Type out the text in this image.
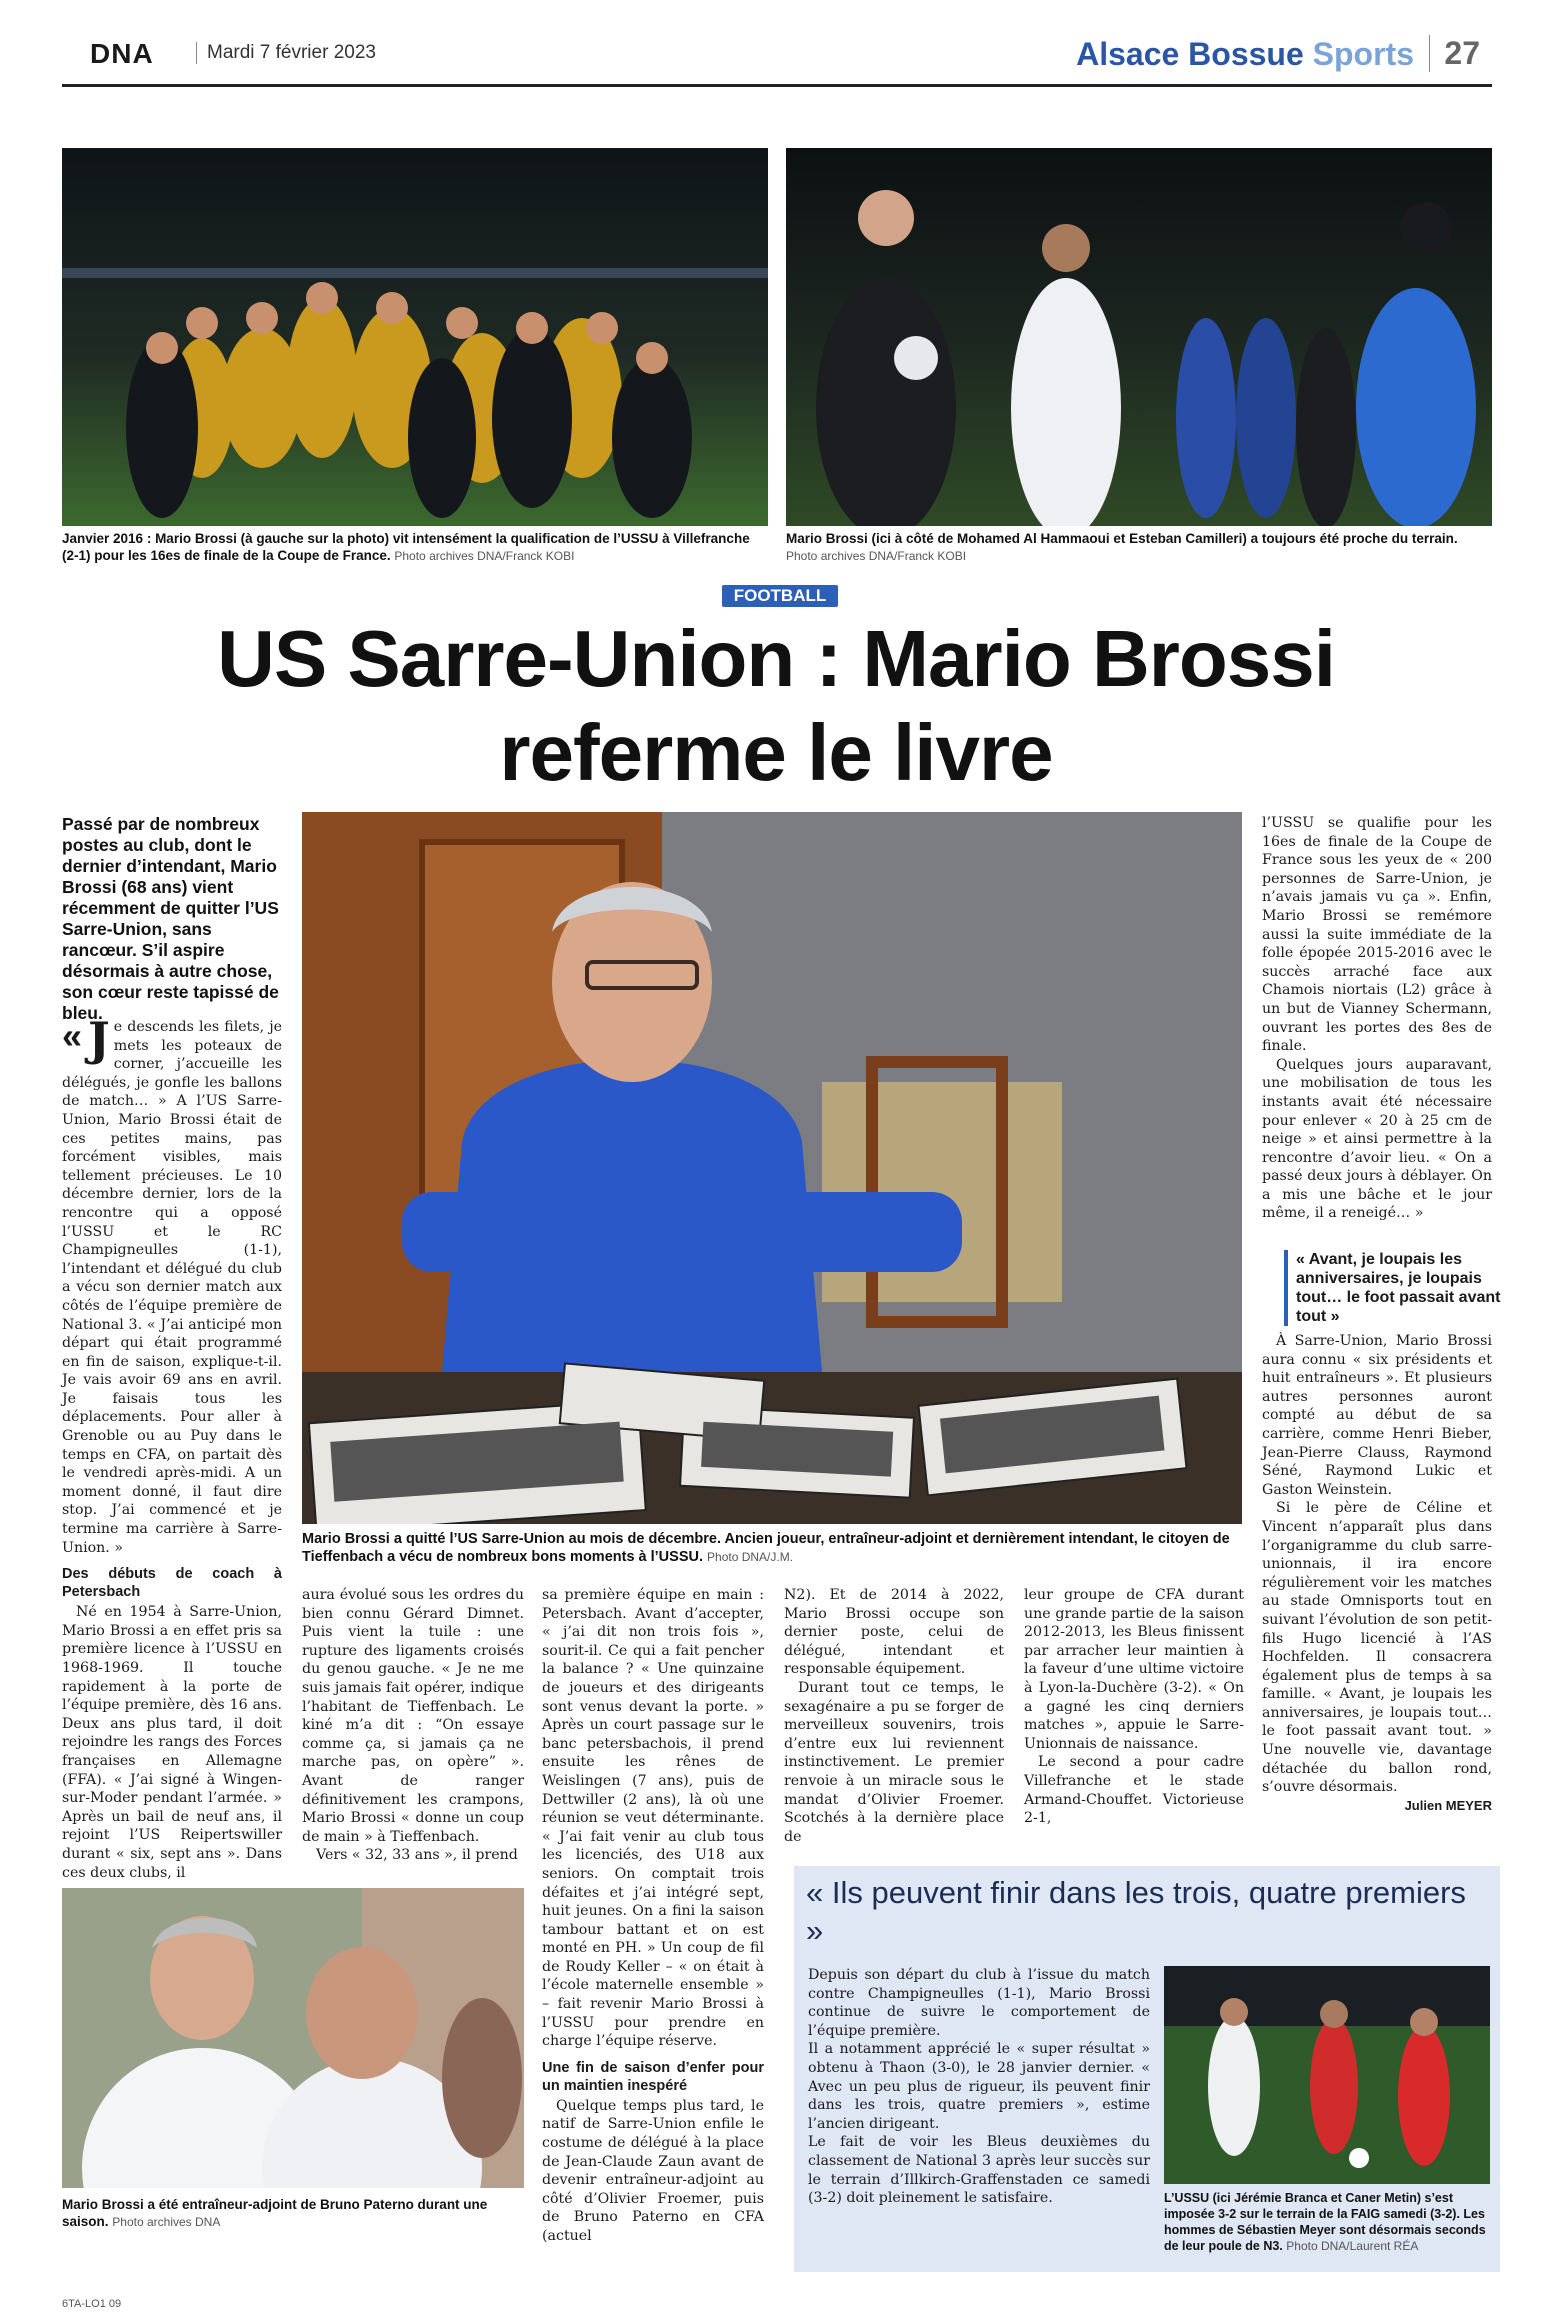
DNA	Mardi 7 février 2023	Alsace Bossue Sports 27
Janvier 2016 : Mario Brossi (à gauche sur la photo) vit intensément la qualification de l’USSU à Villefranche (2-1) pour les 16es de finale de la Coupe de France. Photo archives DNA/Franck KOBI
Mario Brossi (ici à côté de Mohamed Al Hammaoui et Esteban Camilleri) a toujours été proche du terrain. Photo archives DNA/Franck KOBI
FOOTBALL
US Sarre-Union : Mario Brossi
referme le livre
Passé par de nombreux postes au club, dont le dernier d’intendant, Mario Brossi (68 ans) vient récemment de quitter l’US Sarre-Union, sans rancœur. S’il aspire désormais à autre chose, son cœur reste tapissé de bleu.

« J e descends les filets, je mets les poteaux de corner, j’accueille les délégués, je gonfle les ballons de match… » A l’US Sarre-Union, Mario Brossi était de ces petites mains, pas forcément visibles, mais tellement précieuses. Le 10 décembre dernier, lors de la rencontre qui a opposé l’USSU et le RC Champigneulles (1-1), l’intendant et délégué du club a vécu son dernier match aux côtés de l’équipe première de National 3. « J’ai anticipé mon départ qui était programmé en fin de saison, explique-t-il. Je vais avoir 69 ans en avril. Je faisais tous les déplacements. Pour aller à Grenoble ou au Puy dans le temps en CFA, on partait dès le vendredi après-midi. A un moment donné, il faut dire stop. J’ai commencé et je termine ma carrière à Sarre-Union. »

Des débuts de coach à Petersbach

Né en 1954 à Sarre-Union, Mario Brossi a en effet pris sa première licence à l’USSU en 1968-1969. Il touche rapidement à la porte de l’équipe première, dès 16 ans. Deux ans plus tard, il doit rejoindre les rangs des Forces françaises en Allemagne (FFA). « J’ai signé à Wingen-sur-Moder pendant l’armée. » Après un bail de neuf ans, il rejoint l’US Reipertswiller durant « six, sept ans ». Dans ces deux clubs, il

Mario Brossi a quitté l’US Sarre-Union au mois de décembre. Ancien joueur, entraîneur-adjoint et dernièrement intendant, le citoyen de Tieffenbach a vécu de nombreux bons moments à l’USSU. Photo DNA/J.M.

aura évolué sous les ordres du bien connu Gérard Dimnet. Puis vient la tuile : une rupture des ligaments croisés du genou gauche. « Je ne me suis jamais fait opérer, indique l’habitant de Tieffenbach. Le kiné m’a dit : “On essaye comme ça, si jamais ça ne marche pas, on opère” ». Avant de ranger définitivement les crampons, Mario Brossi « donne un coup de main » à Tieffenbach.

Vers « 32, 33 ans », il prend

sa première équipe en main : Petersbach. Avant d’accepter, « j’ai dit non trois fois », sourit-il. Ce qui a fait pencher la balance ? « Une quinzaine de joueurs et des dirigeants sont venus devant la porte. » Après un court passage sur le banc petersbachois, il prend ensuite les rênes de Weislingen (7 ans), puis de Dettwiller (2 ans), là où une réunion se veut déterminante. « J’ai fait venir au club tous les licenciés, des U18 aux seniors. On comptait trois défaites et j’ai intégré sept, huit jeunes. On a fini la saison tambour battant et on est monté en PH. » Un coup de fil de Roudy Keller – « on était à l’école maternelle ensemble » – fait revenir Mario Brossi à l’USSU pour prendre en charge l’équipe réserve.

Une fin de saison d’enfer pour un maintien inespéré

Quelque temps plus tard, le natif de Sarre-Union enfile le costume de délégué à la place de Jean-Claude Zaun avant de devenir entraîneur-adjoint au côté d’Olivier Froemer, puis de Bruno Paterno en CFA (actuel

N2). Et de 2014 à 2022, Mario Brossi occupe son dernier poste, celui de délégué, intendant et responsable équipement.

Durant tout ce temps, le sexagénaire a pu se forger de merveilleux souvenirs, trois d’entre eux lui reviennent instinctivement. Le premier renvoie à un miracle sous le mandat d’Olivier Froemer. Scotchés à la dernière place de

leur groupe de CFA durant une grande partie de la saison 2012-2013, les Bleus finissent par arracher leur maintien à la faveur d’une ultime victoire à Lyon-la-Duchère (3-2). « On a gagné les cinq derniers matches », appuie le Sarre-Unionnais de naissance.

Le second a pour cadre Villefranche et le stade Armand-Chouffet. Victorieuse 2-1,

l’USSU se qualifie pour les 16es de finale de la Coupe de France sous les yeux de « 200 personnes de Sarre-Union, je n’avais jamais vu ça ». Enfin, Mario Brossi se remémore aussi la suite immédiate de la folle épopée 2015-2016 avec le succès arraché face aux Chamois niortais (L2) grâce à un but de Vianney Schermann, ouvrant les portes des 8es de finale.

Quelques jours auparavant, une mobilisation de tous les instants avait été nécessaire pour enlever « 20 à 25 cm de neige » et ainsi permettre à la rencontre d’avoir lieu. « On a passé deux jours à déblayer. On a mis une bâche et le jour même, il a reneigé… »

« Avant, je loupais les anniversaires, je loupais tout… le foot passait avant tout »

À Sarre-Union, Mario Brossi aura connu « six présidents et huit entraîneurs ». Et plusieurs autres personnes auront compté au début de sa carrière, comme Henri Bieber, Jean-Pierre Clauss, Raymond Séné, Raymond Lukic et Gaston Weinstein.

Si le père de Céline et Vincent n’apparaît plus dans l’organigramme du club sarre-unionnais, il ira encore régulièrement voir les matches au stade Omnisports tout en suivant l’évolution de son petit-fils Hugo licencié à l’AS Hochfelden. Il consacrera également plus de temps à sa famille. « Avant, je loupais les anniversaires, je loupais tout… le foot passait avant tout. » Une nouvelle vie, davantage détachée du ballon rond, s’ouvre désormais.

Julien MEYER
Mario Brossi a été entraîneur-adjoint de Bruno Paterno durant une saison. Photo archives DNA
« Ils peuvent finir dans les trois, quatre premiers »

Depuis son départ du club à l’issue du match contre Champigneulles (1-1), Mario Brossi continue de suivre le comportement de l’équipe première.

Il a notamment apprécié le « super résultat » obtenu à Thaon (3-0), le 28 janvier dernier. « Avec un peu plus de rigueur, ils peuvent finir dans les trois, quatre premiers », estime l’ancien dirigeant.

Le fait de voir les Bleus deuxièmes du classement de National 3 après leur succès sur le terrain d’Illkirch-Graffenstaden ce samedi (3-2) doit pleinement le satisfaire.	L’USSU (ici Jérémie Branca et Caner Metin) s’est imposée 3-2 sur le terrain de la FAIG samedi (3-2). Les hommes de Sébastien Meyer sont désormais seconds de leur poule de N3. Photo DNA/Laurent RÉA
6TA-LO1 09
